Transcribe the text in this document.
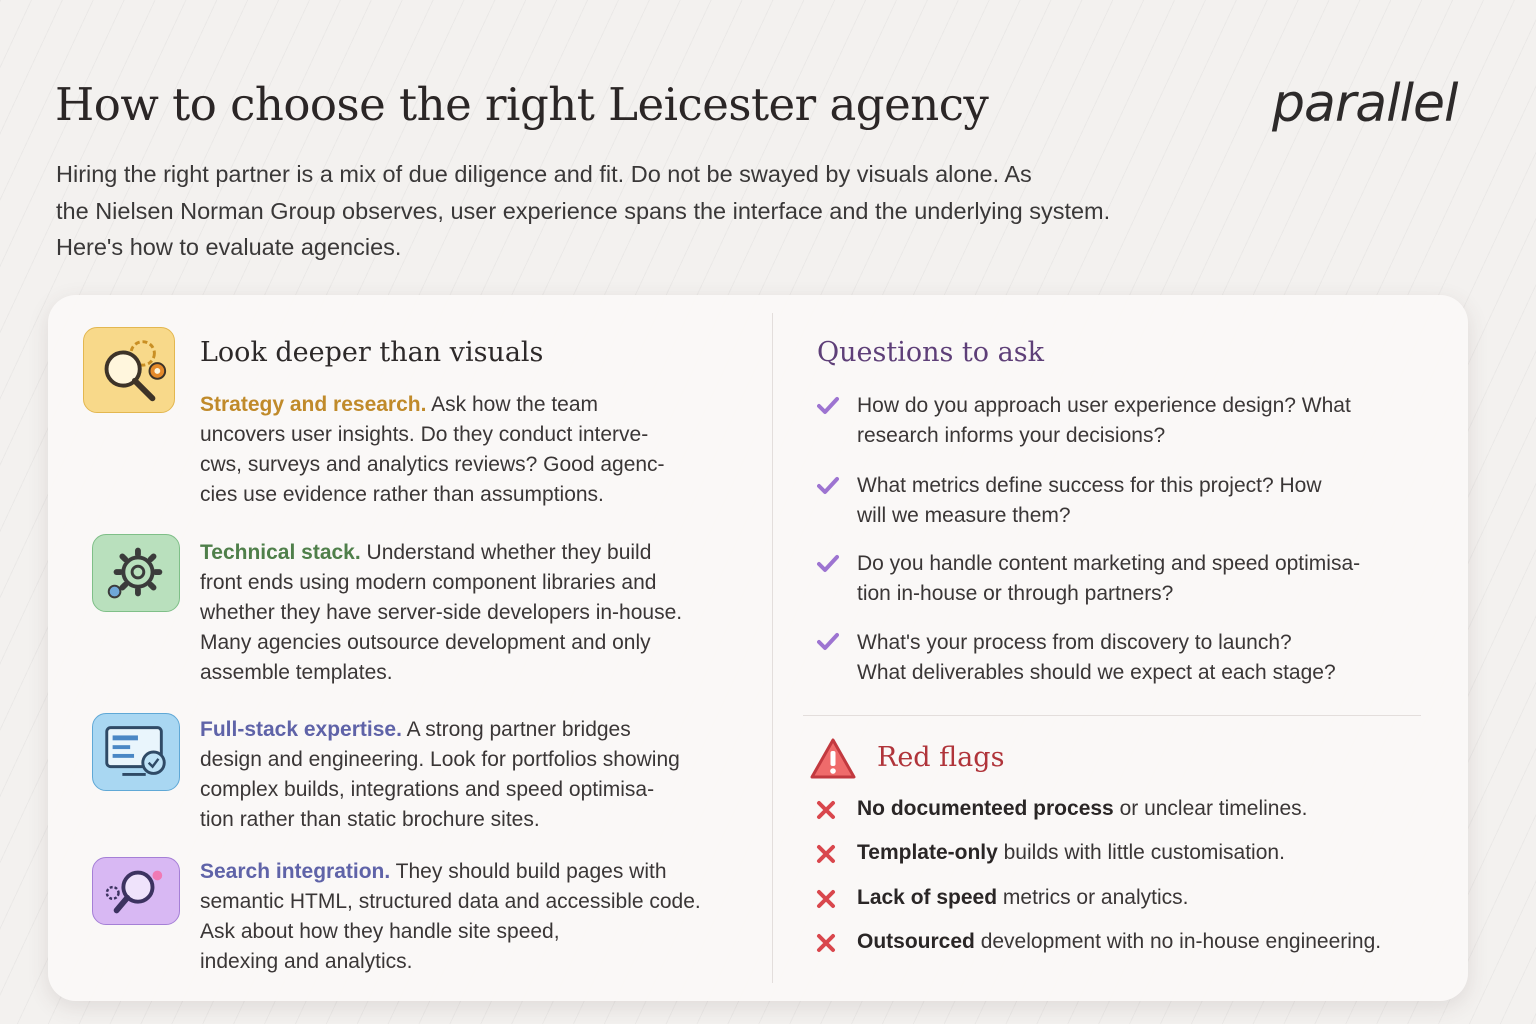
How to choose the right Leicester agency	parallel
Hiring the right partner is a mix of due diligence and fit. Do not be swayed by visuals alone. As
the Nielsen Norman Group observes, user experience spans the interface and the underlying system.
Here's how to evaluate agencies.
Look deeper than visuals
Strategy and research. Ask how the team
uncovers user insights. Do they conduct interve-
cws, surveys and analytics reviews? Good agenc-
cies use evidence rather than assumptions.
Technical stack. Understand whether they build
front ends using modern component libraries and
whether they have server-side developers in-house.
Many agencies outsource development and only
assemble templates.
Full-stack expertise. A strong partner bridges
design and engineering. Look for portfolios showing
complex builds, integrations and speed optimisa-
tion rather than static brochure sites.
Search integration. They should build pages with
semantic HTML, structured data and accessible code.
Ask about how they handle site speed,
indexing and analytics.
Questions to ask
How do you approach user experience design? What
research informs your decisions?
What metrics define success for this project? How
will we measure them?
Do you handle content marketing and speed optimisa-
tion in-house or through partners?
What's your process from discovery to launch?
What deliverables should we expect at each stage?
Red flags
No documenteed process or unclear timelines.
Template-only builds with little customisation.
Lack of speed metrics or analytics.
Outsourced development with no in-house engineering.
